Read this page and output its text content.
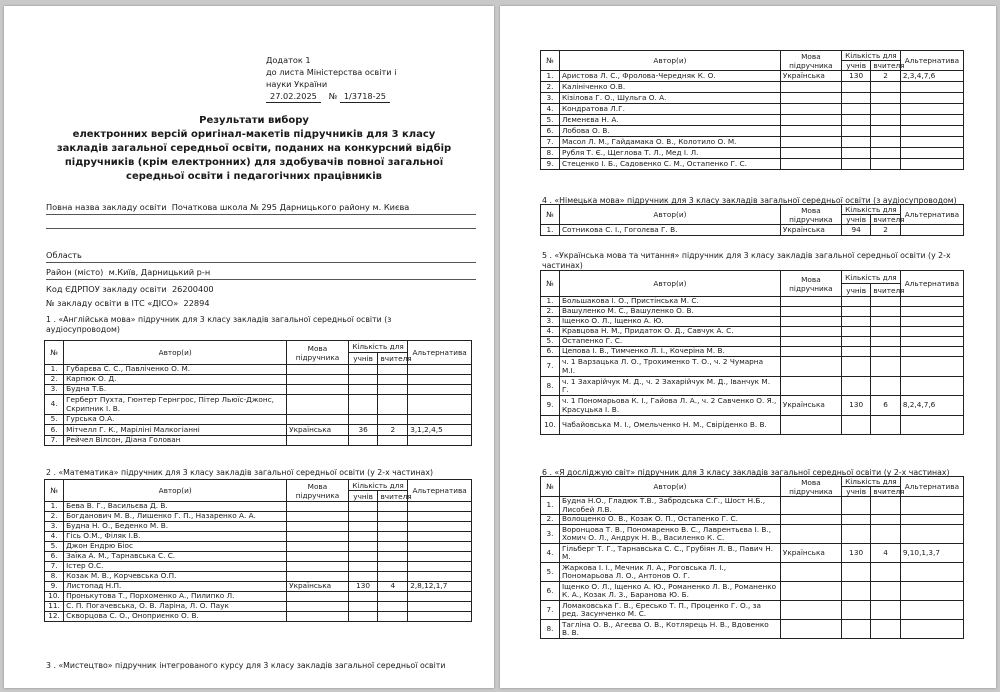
Додаток 1
до листа Міністерства освіти і
науки України
27.02.2025 № 1/3718-25
Результати вибору
електронних версій оригінал-макетів підручників для 3 класу
закладів загальної середньої освіти, поданих на конкурсний відбір
підручників (крім електронних) для здобувачів повної загальної
середньої освіти і педагогічних працівників
Повна назва закладу освіти Початкова школа № 295 Дарницького району м. Києва
Область
Район (місто) м.Київ, Дарницький р-н
Код ЄДРПОУ закладу освіти 26200400
№ закладу освіти в ІТС «ДІСО» 22894
1 . «Англійська мова» підручник для 3 класу закладів загальної середньої освіти (з аудіосупроводом)
№	Автор(и)	Мова підручника	Кількість для		Альтернатива
			учнів	вчителя	
1.	Губарєва С. С., Павліченко О. М.				
2.	Карпюк О. Д.				
3.	Будна Т.Б.				
4.	Герберт Пухта, Гюнтер Гернгрос, Пітер Льюїс-Джонс, Скрипник І. В.				
5.	Гурська О.А.				
6.	Мітчелл Г. К., Маріліні Малкогіанні	Українська	36	2	3,1,2,4,5
7.	Рейчел Вілсон, Діана Голован				
2 . «Математика» підручник для 3 класу закладів загальної середньої освіти (у 2-х частинах)
№	Автор(и)	Мова підручника	Кількість для		Альтернатива
			учнів	вчителя	
1.	Бева В. Г., Васильєва Д. В.				
2.	Богданович М. В., Лишенко Г. П., Назаренко А. А.				
3.	Будна Н. О., Беденко М. В.				
4.	Гісь О.М., Філяк І.В.				
5.	Джон Ендрю Біос				
6.	Заїка А. М., Тарнавська С. С.				
7.	Істер О.С.				
8.	Козак М. В., Корчевська О.П.				
9.	Листопад Н.П.	Українська	130	4	2,8,12,1,7
10.	Пронькутова Т., Порхоменко А., Пилипко Л.				
11.	С. П. Погачевська, О. В. Ларіна, Л. О. Паук				
12.	Скворцова С. О., Оноприєнко О. В.				
3 . «Мистецтво» підручник інтегрованого курсу для 3 класу закладів загальної середньої освіти
№	Автор(и)	Мова підручника	Кількість для		Альтернатива
			учнів	вчителя	
1.	Аристова Л. С., Фролова-Чередняк К. О.	Українська	130	2	2,3,4,7,6
2.	Калініченко О.В.				
3.	Кізілова Г. О., Шульга О. А.				
4.	Кондратова Л.Г.				
5.	Лєменєва Н. А.				
6.	Лобова О. В.				
7.	Масол Л. М., Гайдамака О. В., Колотило О. М.				
8.	Рубля Т. Є., Щеглова Т. Л., Мед І. Л.				
9.	Стеценко І. Б., Садовенко С. М., Остапенко Г. С.				
4 . «Німецька мова» підручник для 3 класу закладів загальної середньої освіти (з аудіосупроводом)
№	Автор(и)	Мова підручника	Кількість для		Альтернатива
			учнів	вчителя	
1.	Сотникова С. І., Гоголєва Г. В.	Українська	94	2	
5 . «Українська мова та читання» підручник для 3 класу закладів загальної середньої освіти (у 2-х частинах)
№	Автор(и)	Мова підручника	Кількість для		Альтернатива
			учнів	вчителя	
1.	Большакова І. О., Пристінська М. С.				
2.	Вашуленко М. С., Вашуленко О. В.				
3.	Іщенко О. Л., Іщенко А. Ю.				
4.	Кравцова Н. М., Придаток О. Д., Савчук А. С.				
5.	Остапенко Г. С.				
6.	Цепова І. В., Тимченко Л. І., Кочеріна М. В.				
7.	ч. 1 Варзацька Л. О., Трохименко Т. О., ч. 2 Чумарна М.І.				
8.	ч. 1 Захарійчук М. Д., ч. 2 Захарійчук М. Д., Іванчук М. Г.				
9.	ч. 1 Пономарьова К. І., Гайова Л. А., ч. 2 Савченко О. Я., Красуцька І. В.	Українська	130	6	8,2,4,7,6
10.	Чабайовська М. І., Омельченко Н. М., Свіріденко В. В.				
6 . «Я досліджую світ» підручник для 3 класу закладів загальної середньої освіти (у 2-х частинах)
№	Автор(и)	Мова підручника	Кількість для		Альтернатива
			учнів	вчителя	
1.	Будна Н.О., Гладюк Т.В., Забродська С.Г., Шост Н.Б., Лисобей Л.В.				
2.	Волощенко О. В., Козак О. П., Остапенко Г. С.				
3.	Воронцова Т. В., Пономаренко В. С., Лаврентьєва І. В., Хомич О. Л., Андрук Н. В., Василенко К. С.				
4.	Гільберг Т. Г., Тарнавська С. С., Грубіян Л. В., Павич Н. М.	Українська	130	4	9,10,1,3,7
5.	Жаркова І. І., Мечник Л. А., Роговська Л. І., Пономарьова Л. О., Антонов О. Г.				
6.	Іщенко О. Л., Іщенко А. Ю., Романенко Л. В., Романенко К. А., Козак Л. З., Баранова Ю. Б.				
7.	Ломаковська Г. В., Єресько Т. П., Проценко Г. О., за ред. Засунченко М. С.				
8.	Тагліна О. В., Агеєва О. В., Котлярець Н. В., Вдовенко В. В.				
